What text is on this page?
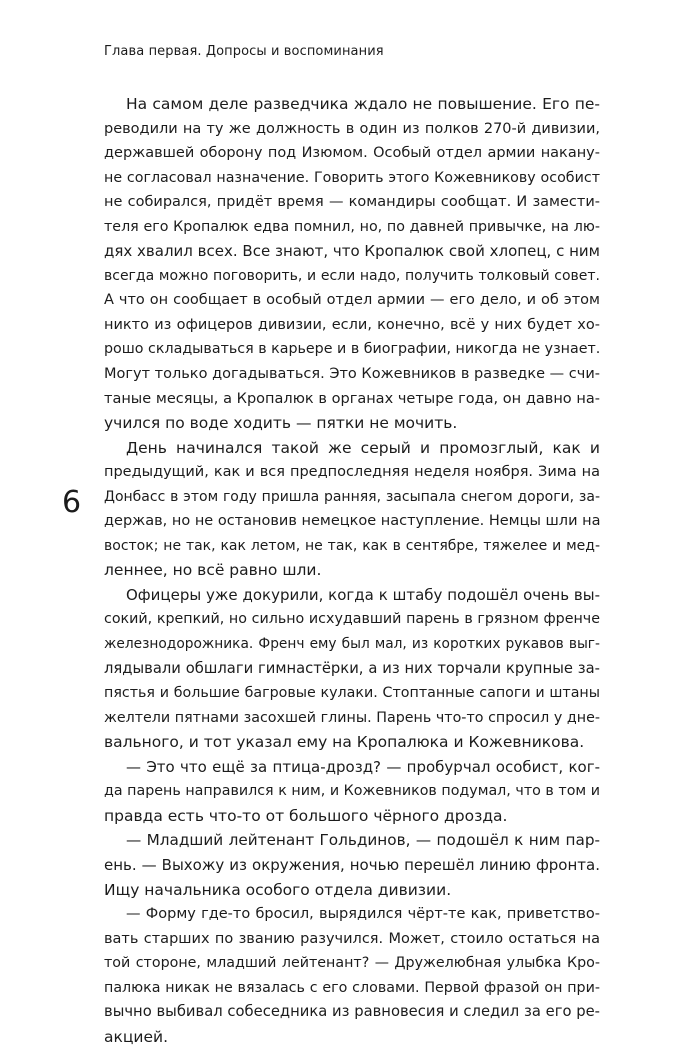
Глава первая. Допросы и воспоминания
6
На самом деле разведчика ждало не повышение. Его пе-
реводили на ту же должность в один из полков 270-й дивизии,
державшей оборону под Изюмом. Особый отдел армии накану-
не согласовал назначение. Говорить этого Кожевникову особист
не собирался, придёт время — командиры сообщат. И замести-
теля его Кропалюк едва помнил, но, по давней привычке, на лю-
дях хвалил всех. Все знают, что Кропалюк свой хлопец, с ним
всегда можно поговорить, и если надо, получить толковый совет.
А что он сообщает в особый отдел армии — его дело, и об этом
никто из офицеров дивизии, если, конечно, всё у них будет хо-
рошо складываться в карьере и в биографии, никогда не узнает.
Могут только догадываться. Это Кожевников в разведке — счи-
таные месяцы, а Кропалюк в органах четыре года, он давно на-
учился по воде ходить — пятки не мочить.
День начинался такой же серый и промозглый, как и
предыдущий, как и вся предпоследняя неделя ноября. Зима на
Донбасс в этом году пришла ранняя, засыпала снегом дороги, за-
держав, но не остановив немецкое наступление. Немцы шли на
восток; не так, как летом, не так, как в сентябре, тяжелее и мед-
леннее, но всё равно шли.
Офицеры уже докурили, когда к штабу подошёл очень вы-
сокий, крепкий, но сильно исхудавший парень в грязном френче
железнодорожника. Френч ему был мал, из коротких рукавов выг-
лядывали обшлаги гимнастёрки, а из них торчали крупные за-
пястья и большие багровые кулаки. Стоптанные сапоги и штаны
желтели пятнами засохшей глины. Парень что-то спросил у дне-
вального, и тот указал ему на Кропалюка и Кожевникова.
— Это что ещё за птица-дрозд? — пробурчал особист, ког-
да парень направился к ним, и Кожевников подумал, что в том и
правда есть что-то от большого чёрного дрозда.
— Младший лейтенант Гольдинов, — подошёл к ним пар-
ень. — Выхожу из окружения, ночью перешёл линию фронта.
Ищу начальника особого отдела дивизии.
— Форму где-то бросил, вырядился чёрт-те как, приветство-
вать старших по званию разучился. Может, стоило остаться на
той стороне, младший лейтенант? — Дружелюбная улыбка Кро-
палюка никак не вязалась с его словами. Первой фразой он при-
вычно выбивал собеседника из равновесия и следил за его ре-
акцией.
